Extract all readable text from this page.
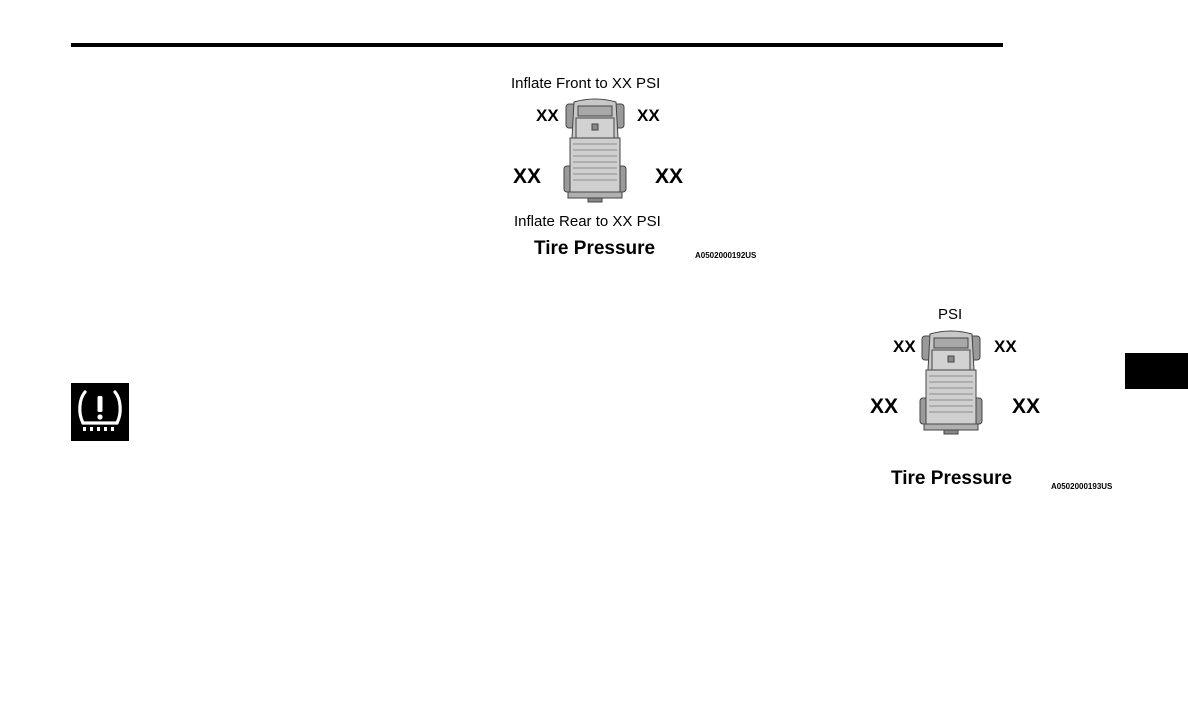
Inflate Front to XX PSI
XX	XX
XX	XX
Inflate Rear to XX PSI
Tire Pressure	A0502000192US
PSI
XX	XX
XX	XX
Tire Pressure	A0502000193US
